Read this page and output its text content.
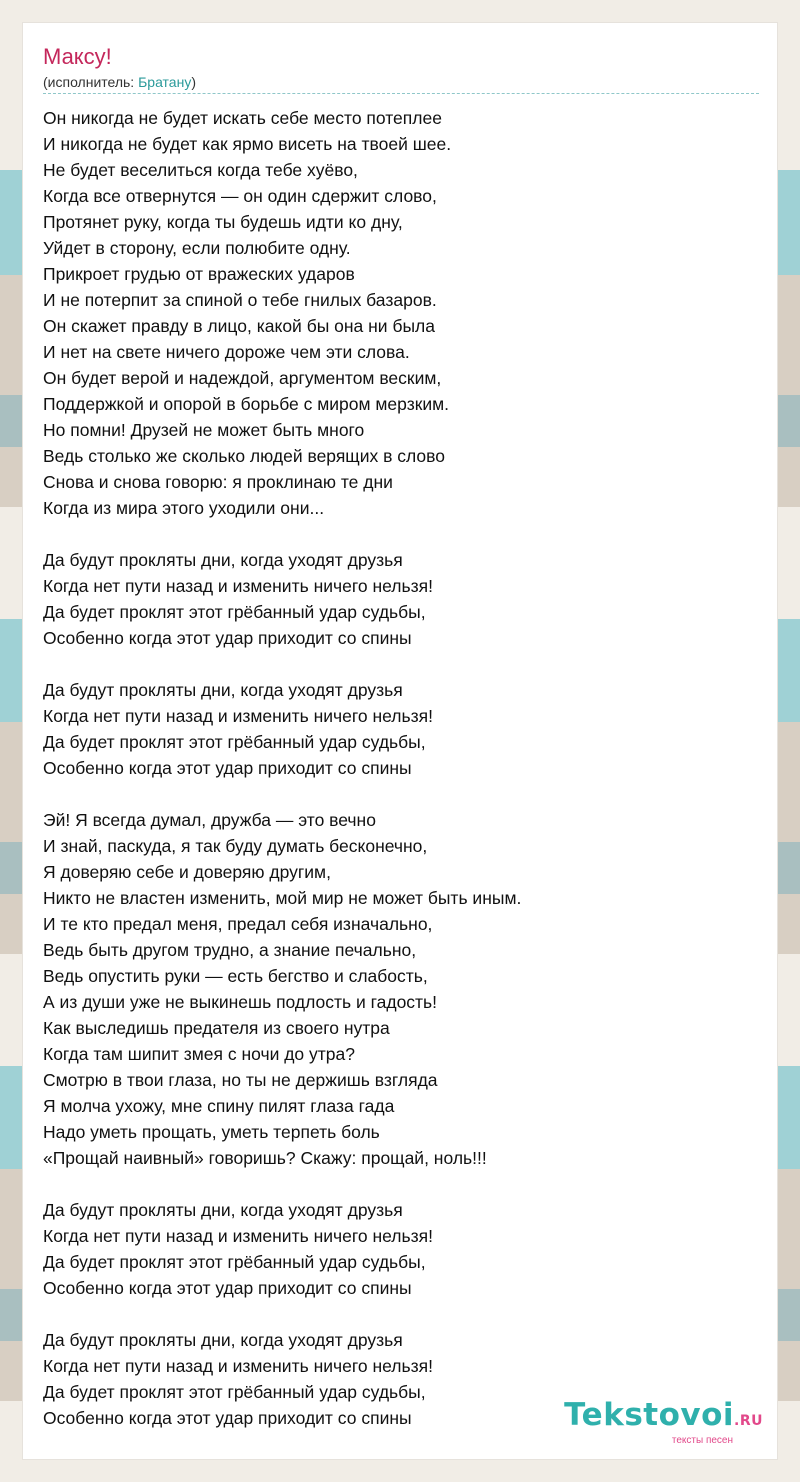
Максу!
(исполнитель: Братану)
Он никогда не будет искать себе место потеплее
И никогда не будет как ярмо висеть на твоей шее.
Не будет веселиться когда тебе хуёво,
Когда все отвернутся — он один сдержит слово,
Протянет руку, когда ты будешь идти ко дну,
Уйдет в сторону, если полюбите одну.
Прикроет грудью от вражеских ударов
И не потерпит за спиной о тебе гнилых базаров.
Он скажет правду в лицо, какой бы она ни была
И нет на свете ничего дороже чем эти слова.
Он будет верой и надеждой, аргументом веским,
Поддержкой и опорой в борьбе с миром мерзким.
Но помни! Друзей не может быть много
Ведь столько же сколько людей верящих в слово
Снова и снова говорю: я проклинаю те дни
Когда из мира этого уходили они...
Да будут прокляты дни, когда уходят друзья
Когда нет пути назад и изменить ничего нельзя!
Да будет проклят этот грёбанный удар судьбы,
Особенно когда этот удар приходит со спины
Да будут прокляты дни, когда уходят друзья
Когда нет пути назад и изменить ничего нельзя!
Да будет проклят этот грёбанный удар судьбы,
Особенно когда этот удар приходит со спины
Эй! Я всегда думал, дружба — это вечно
И знай, паскуда, я так буду думать бесконечно,
Я доверяю себе и доверяю другим,
Никто не властен изменить, мой мир не может быть иным.
И те кто предал меня, предал себя изначально,
Ведь быть другом трудно, а знание печально,
Ведь опустить руки — есть бегство и слабость,
А из души уже не выкинешь подлость и гадость!
Как выследишь предателя из своего нутра
Когда там шипит змея с ночи до утра?
Смотрю в твои глаза, но ты не держишь взгляда
Я молча ухожу, мне спину пилят глаза гада
Надо уметь прощать, уметь терпеть боль
«Прощай наивный» говоришь? Скажу: прощай, ноль!!!
Да будут прокляты дни, когда уходят друзья
Когда нет пути назад и изменить ничего нельзя!
Да будет проклят этот грёбанный удар судьбы,
Особенно когда этот удар приходит со спины
Да будут прокляты дни, когда уходят друзья
Когда нет пути назад и изменить ничего нельзя!
Да будет проклят этот грёбанный удар судьбы,
Особенно когда этот удар приходит со спины	Tekstovoi.RU
тексты песен
